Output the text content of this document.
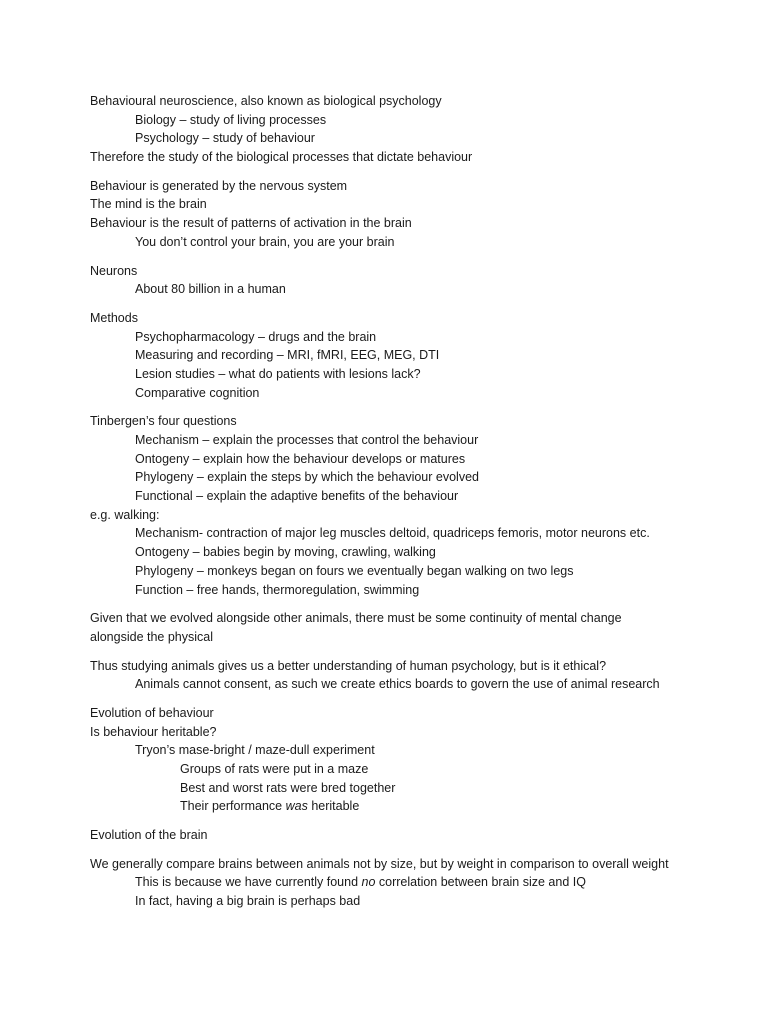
Behavioural neuroscience, also known as biological psychology
Biology – study of living processes
Psychology – study of behaviour
Therefore the study of the biological processes that dictate behaviour
Behaviour is generated by the nervous system
The mind is the brain
Behaviour is the result of patterns of activation in the brain
You don’t control your brain, you are your brain
Neurons
About 80 billion in a human
Methods
Psychopharmacology – drugs and the brain
Measuring and recording – MRI, fMRI, EEG, MEG, DTI
Lesion studies – what do patients with lesions lack?
Comparative cognition
Tinbergen’s four questions
Mechanism – explain the processes that control the behaviour
Ontogeny – explain how the behaviour develops or matures
Phylogeny – explain the steps by which the behaviour evolved
Functional – explain the adaptive benefits of the behaviour
e.g. walking:
Mechanism- contraction of major leg muscles deltoid, quadriceps femoris, motor neurons etc.
Ontogeny – babies begin by moving, crawling, walking
Phylogeny – monkeys began on fours we eventually began walking on two legs
Function – free hands, thermoregulation, swimming
Given that we evolved alongside other animals, there must be some continuity of mental change
alongside the physical
Thus studying animals gives us a better understanding of human psychology, but is it ethical?
Animals cannot consent, as such we create ethics boards to govern the use of animal research
Evolution of behaviour
Is behaviour heritable?
Tryon’s mase-bright / maze-dull experiment
Groups of rats were put in a maze
Best and worst rats were bred together
Their performance was heritable
Evolution of the brain
We generally compare brains between animals not by size, but by weight in comparison to overall weight
This is because we have currently found no correlation between brain size and IQ
In fact, having a big brain is perhaps bad
